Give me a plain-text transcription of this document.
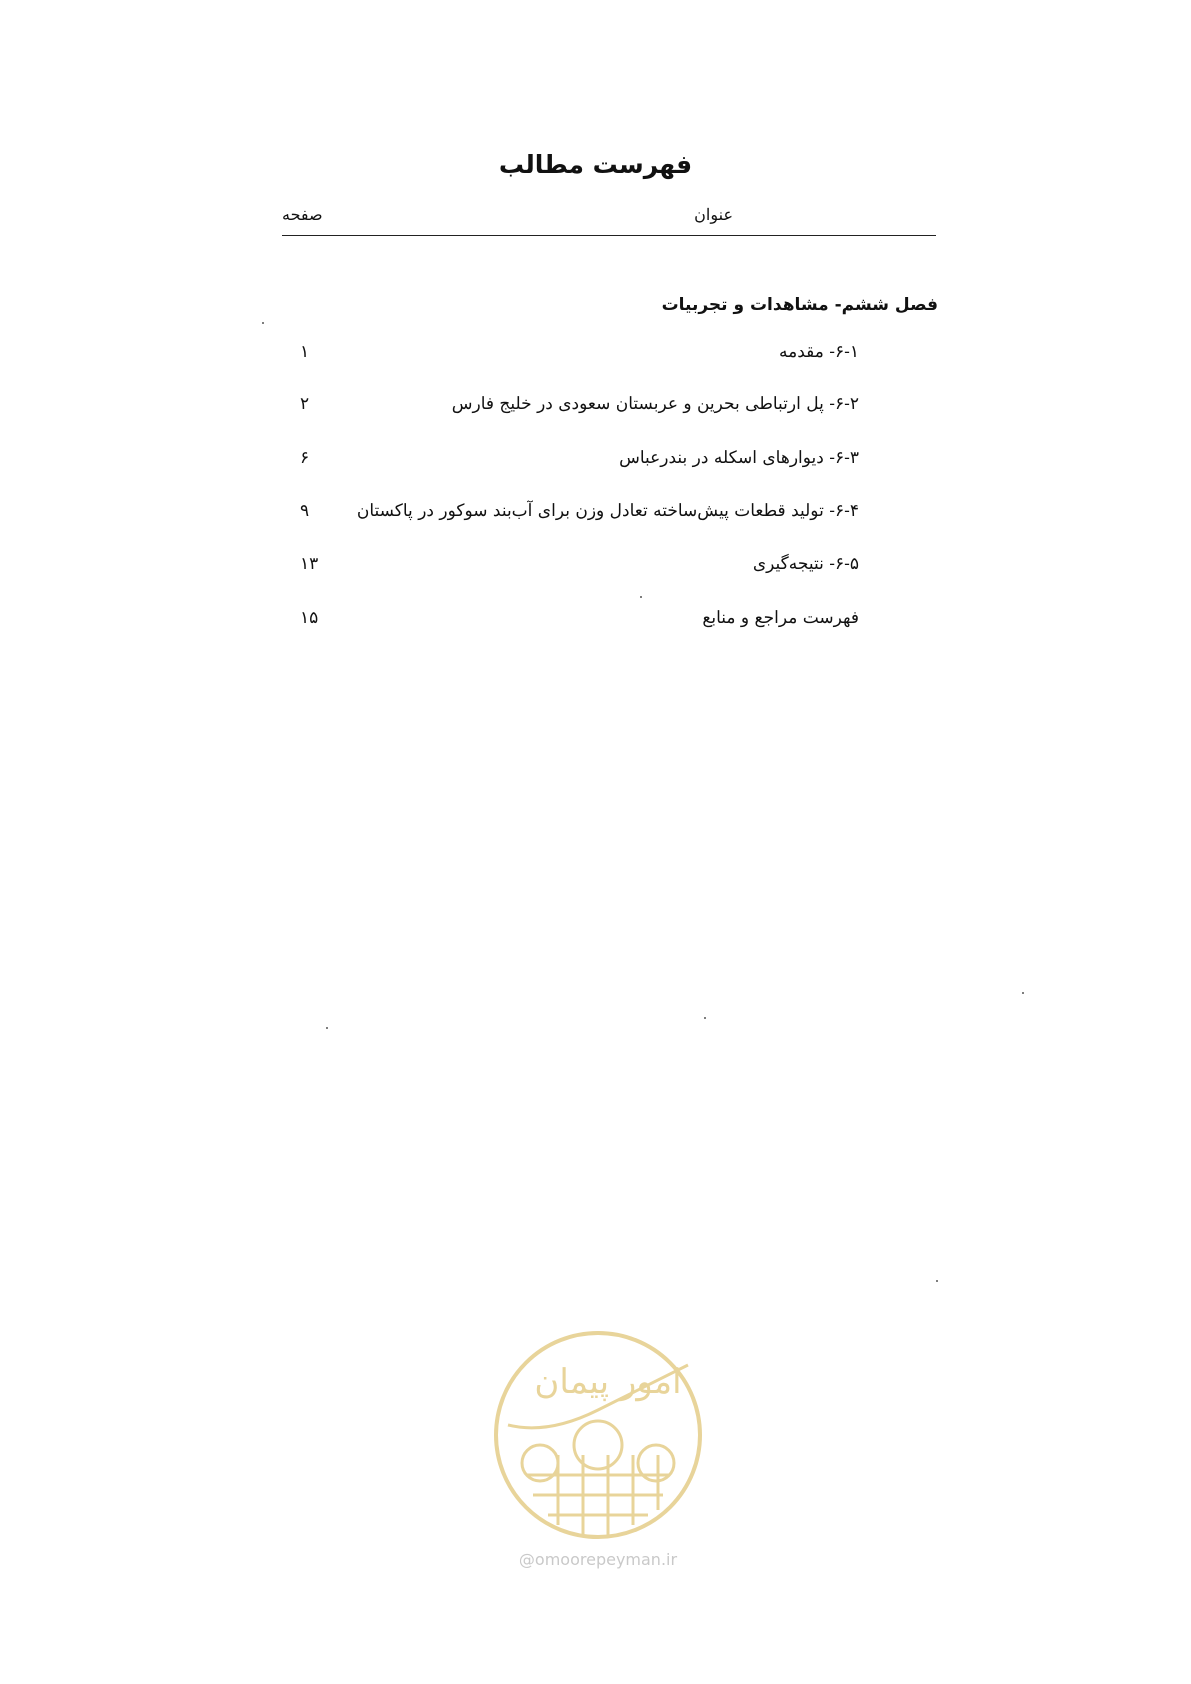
فهرست مطالب
عنوان
صفحه
فصل ششم- مشاهدات و تجربیات
۶-۱- مقدمه
۱
۶-۲- پل ارتباطی بحرین و عربستان سعودی در خلیج فارس
۲
۶-۳- دیوارهای اسکله در بندرعباس
۶
۶-۴- تولید قطعات پیش‌ساخته تعادل وزن برای آب‌بند سوکور در پاکستان
۹
۶-۵- نتیجه‌گیری
۱۳
فهرست مراجع و منابع
۱۵
امور پیمان
@omoorepeyman.ir
